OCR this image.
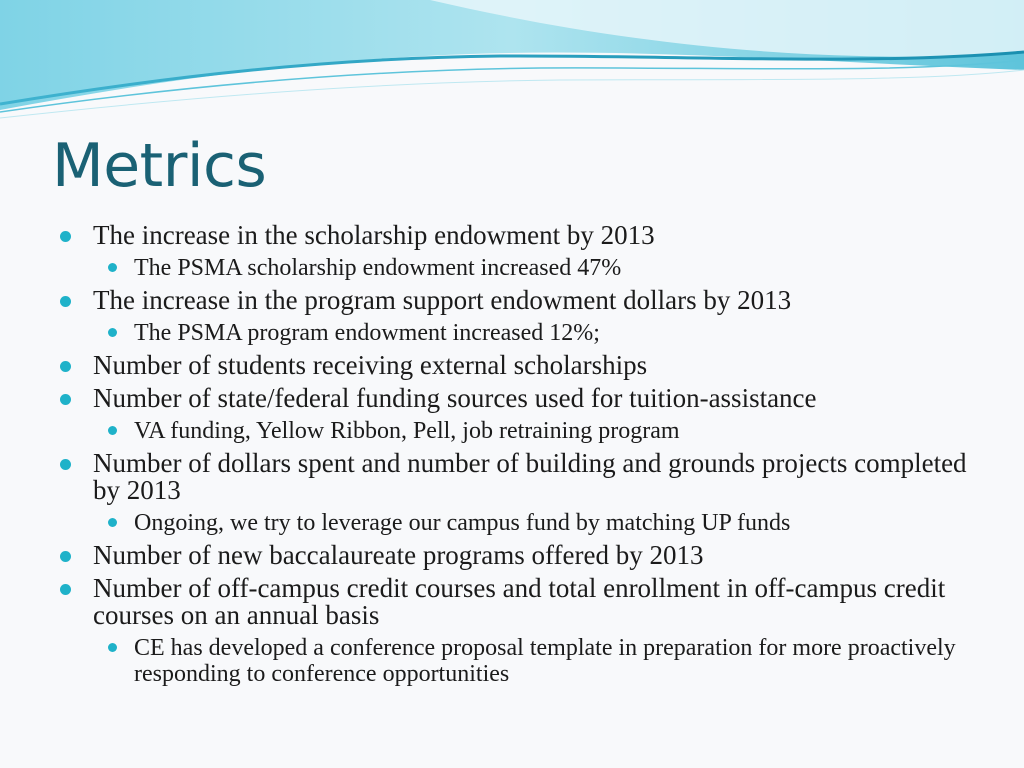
Metrics
The increase in the scholarship endowment by 2013
The PSMA scholarship endowment increased 47%
The increase in the program support endowment dollars by 2013
The PSMA program endowment increased 12%;
Number of students receiving external scholarships
Number of state/federal funding sources used for tuition-assistance
VA funding, Yellow Ribbon, Pell, job retraining program
Number of dollars spent and number of building and grounds projects completed by 2013
Ongoing, we try to leverage our campus fund by matching UP funds
Number of new baccalaureate programs offered by 2013
Number of off-campus credit courses and total enrollment in off-campus credit courses on an annual basis
CE has developed a conference proposal template in preparation for more proactively responding to conference opportunities
